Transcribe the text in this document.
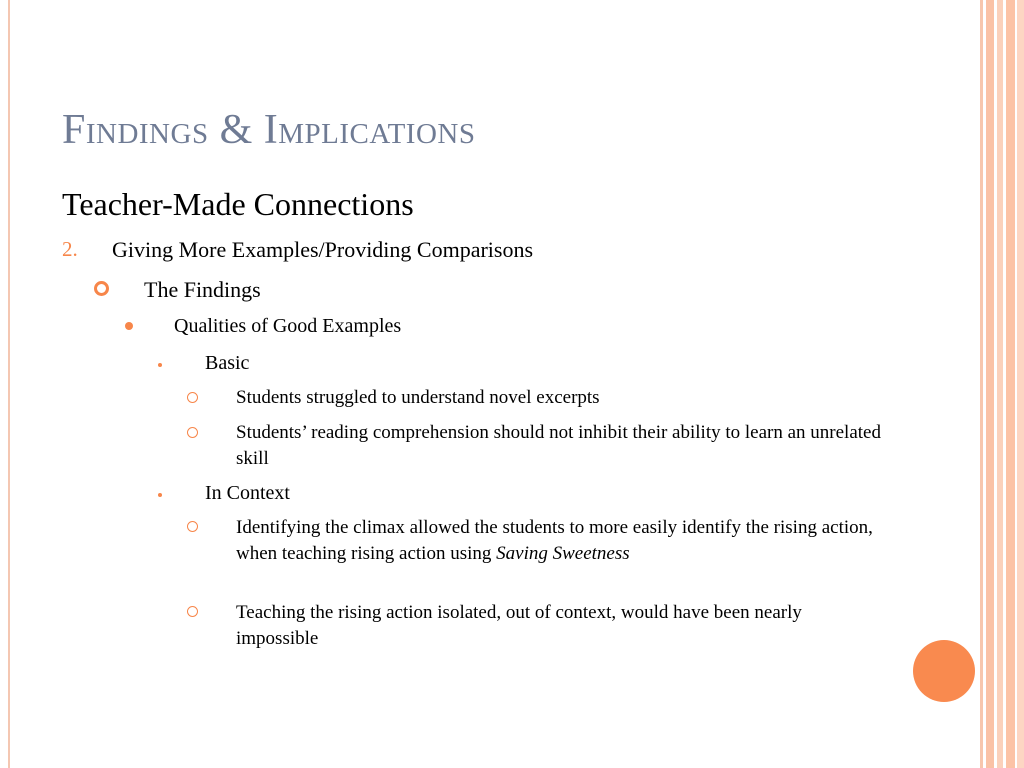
Findings & Implications
Teacher-Made Connections
2. Giving More Examples/Providing Comparisons
The Findings
Qualities of Good Examples
Basic
Students struggled to understand novel excerpts
Students’ reading comprehension should not inhibit their ability to learn an unrelated skill
In Context
Identifying the climax allowed the students to more easily identify the rising action, when teaching rising action using Saving Sweetness
Teaching the rising action isolated, out of context, would have been nearly impossible
